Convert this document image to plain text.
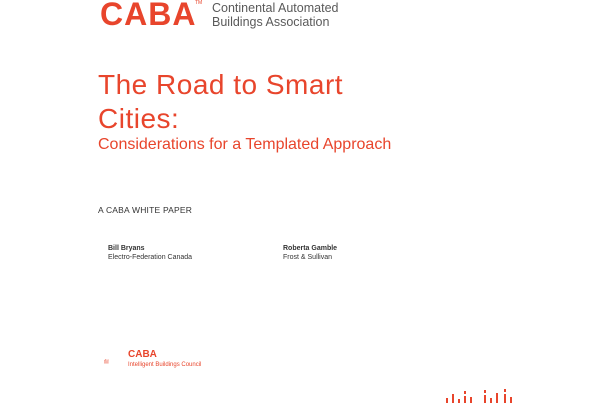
CABA
TM Continental Automated
Buildings Association
The Road to Smart
Cities:
Considerations for a Templated Approach
A CABA WHITE PAPER
Bill Bryans
Electro-Federation Canada
Roberta Gamble
Frost & Sullivan
CABA
Intelligent Buildings Council
